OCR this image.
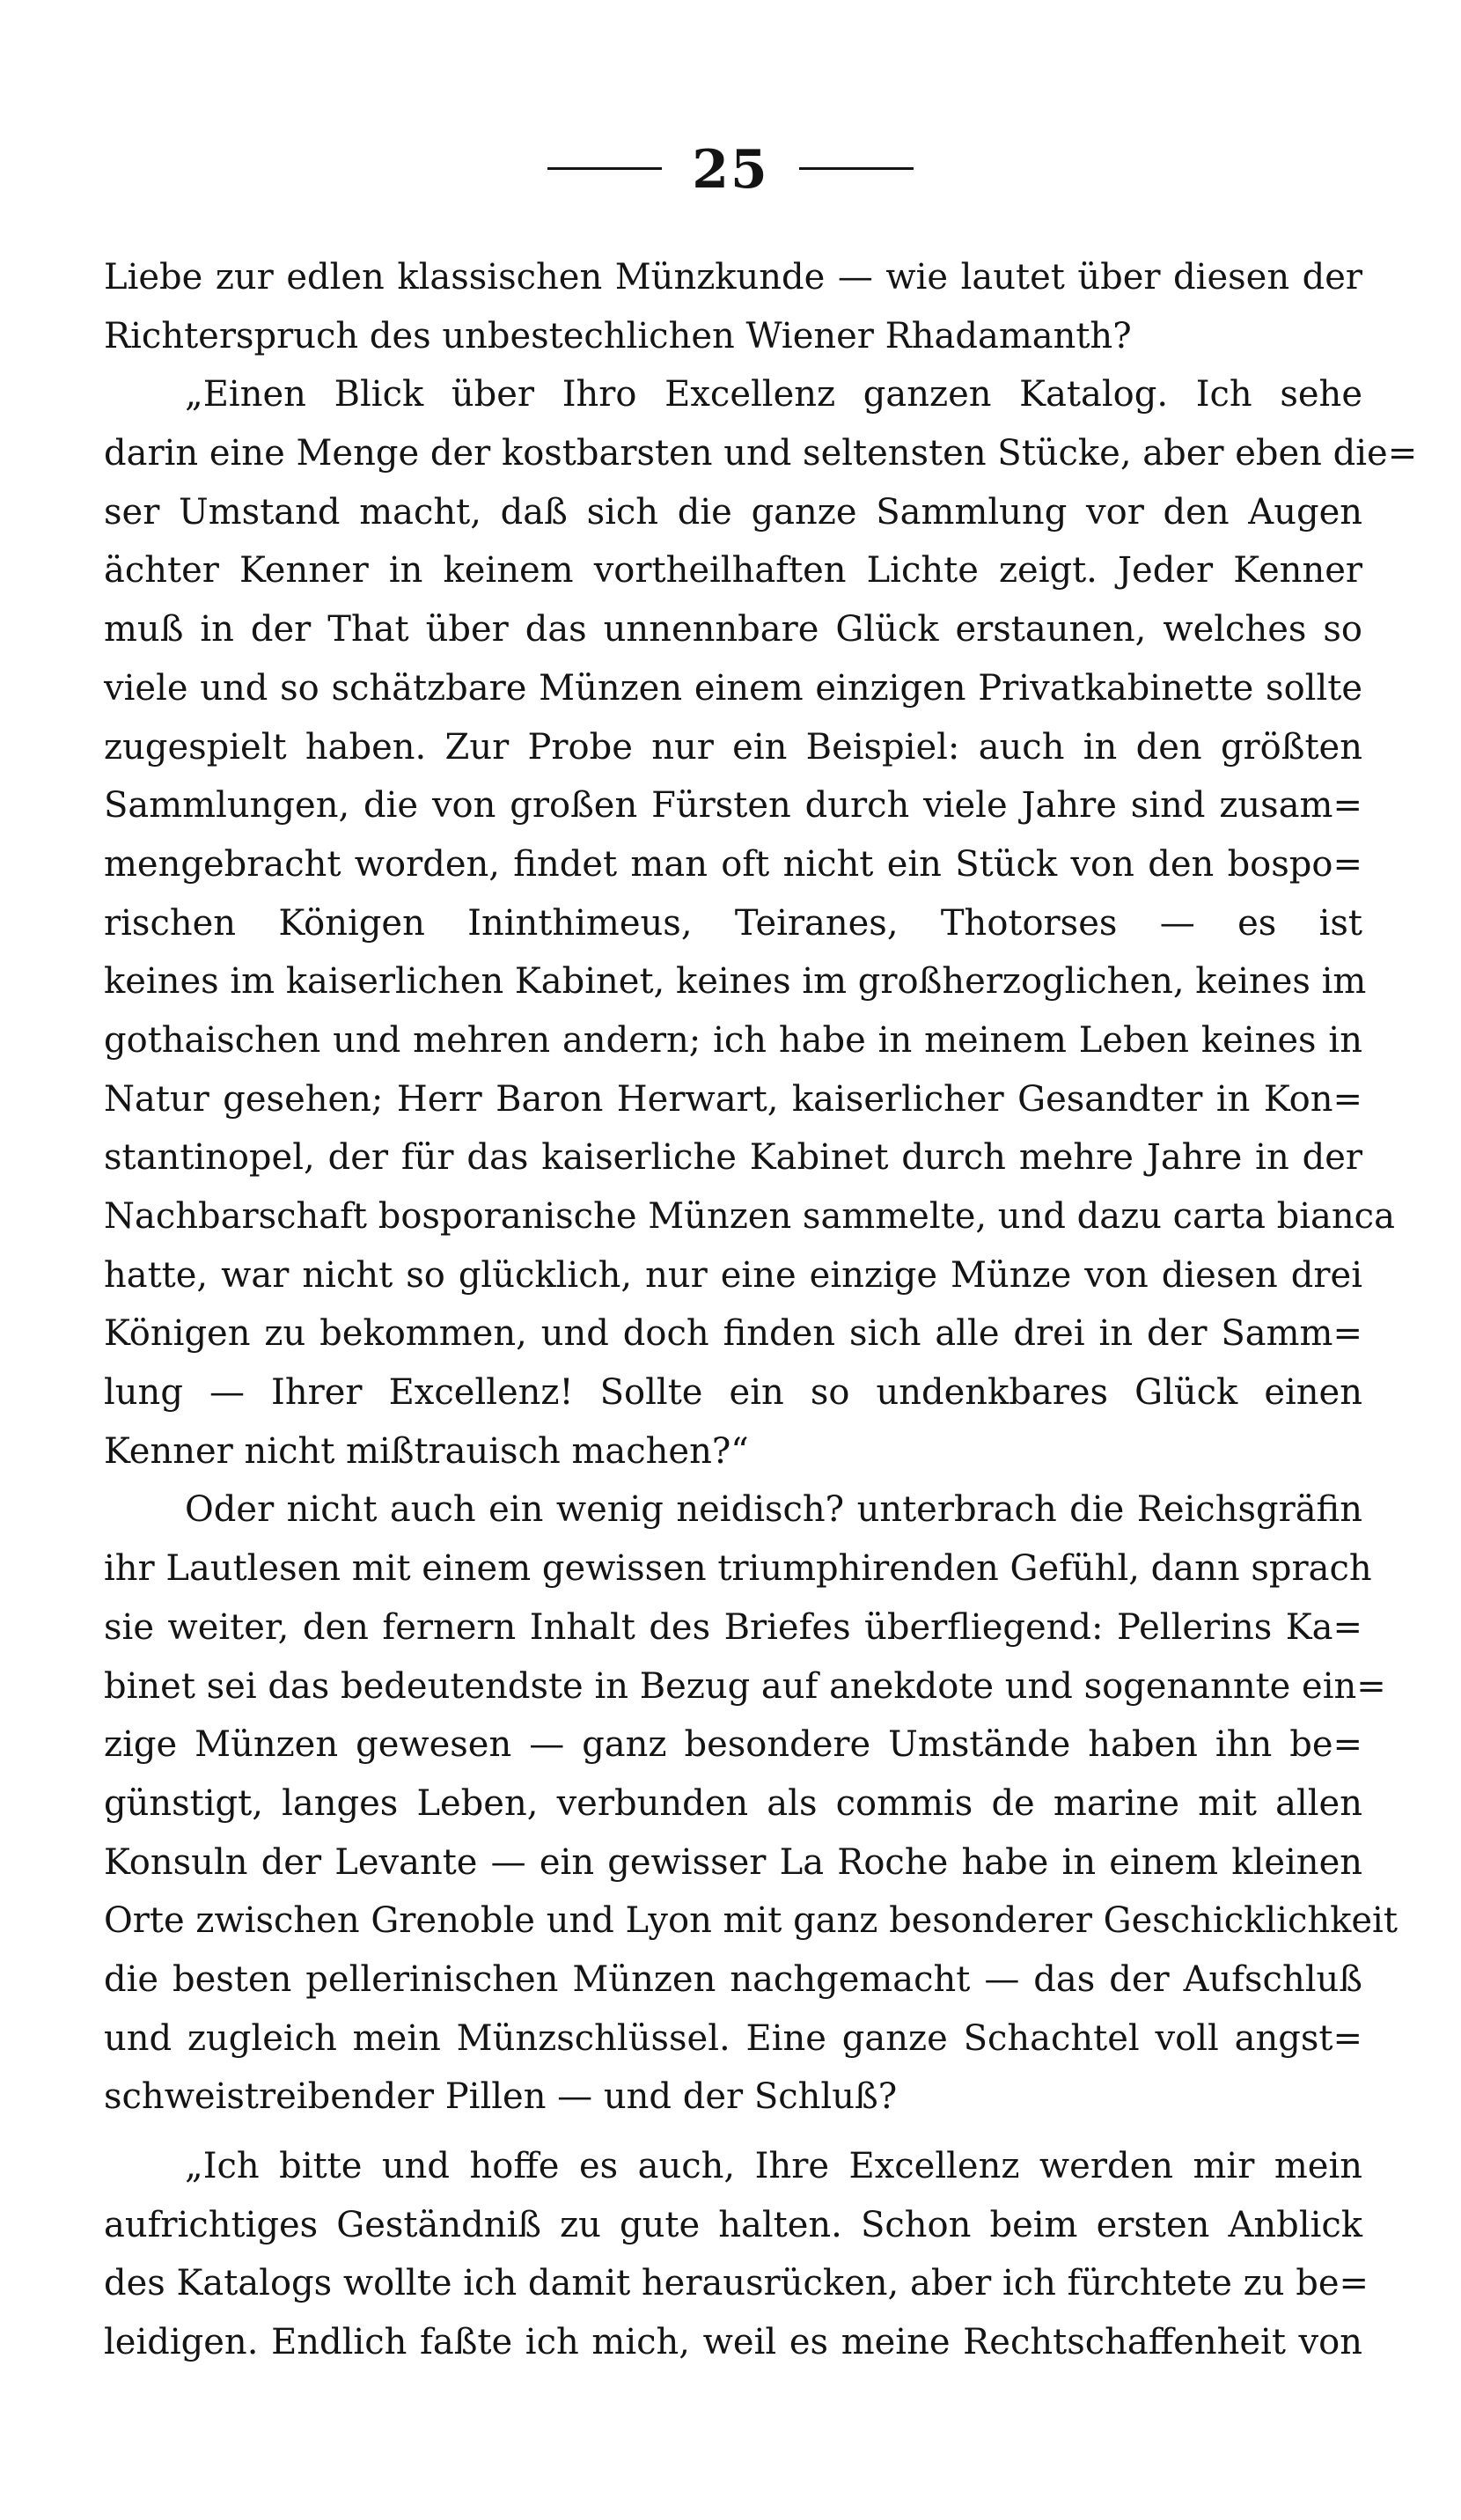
25
Liebe zur edlen klassischen Münzkunde — wie lautet über diesen der
Richterspruch des unbestechlichen Wiener Rhadamanth?
„Einen Blick über Ihro Excellenz ganzen Katalog. Ich sehe
darin eine Menge der kostbarsten und seltensten Stücke, aber eben die=
ser Umstand macht, daß sich die ganze Sammlung vor den Augen
ächter Kenner in keinem vortheilhaften Lichte zeigt. Jeder Kenner
muß in der That über das unnennbare Glück erstaunen, welches so
viele und so schätzbare Münzen einem einzigen Privatkabinette sollte
zugespielt haben. Zur Probe nur ein Beispiel: auch in den größten
Sammlungen, die von großen Fürsten durch viele Jahre sind zusam=
mengebracht worden, findet man oft nicht ein Stück von den bospo=
rischen Königen Ininthimeus, Teiranes, Thotorses — es ist
keines im kaiserlichen Kabinet, keines im großherzoglichen, keines im
gothaischen und mehren andern; ich habe in meinem Leben keines in
Natur gesehen; Herr Baron Herwart, kaiserlicher Gesandter in Kon=
stantinopel, der für das kaiserliche Kabinet durch mehre Jahre in der
Nachbarschaft bosporanische Münzen sammelte, und dazu carta bianca
hatte, war nicht so glücklich, nur eine einzige Münze von diesen drei
Königen zu bekommen, und doch finden sich alle drei in der Samm=
lung — Ihrer Excellenz! Sollte ein so undenkbares Glück einen
Kenner nicht mißtrauisch machen?“
Oder nicht auch ein wenig neidisch? unterbrach die Reichsgräfin
ihr Lautlesen mit einem gewissen triumphirenden Gefühl, dann sprach
sie weiter, den fernern Inhalt des Briefes überfliegend: Pellerins Ka=
binet sei das bedeutendste in Bezug auf anekdote und sogenannte ein=
zige Münzen gewesen — ganz besondere Umstände haben ihn be=
günstigt, langes Leben, verbunden als commis de marine mit allen
Konsuln der Levante — ein gewisser La Roche habe in einem kleinen
Orte zwischen Grenoble und Lyon mit ganz besonderer Geschicklichkeit
die besten pellerinischen Münzen nachgemacht — das der Aufschluß
und zugleich mein Münzschlüssel. Eine ganze Schachtel voll angst=
schweistreibender Pillen — und der Schluß?
„Ich bitte und hoffe es auch, Ihre Excellenz werden mir mein
aufrichtiges Geständniß zu gute halten. Schon beim ersten Anblick
des Katalogs wollte ich damit herausrücken, aber ich fürchtete zu be=
leidigen. Endlich faßte ich mich, weil es meine Rechtschaffenheit von
